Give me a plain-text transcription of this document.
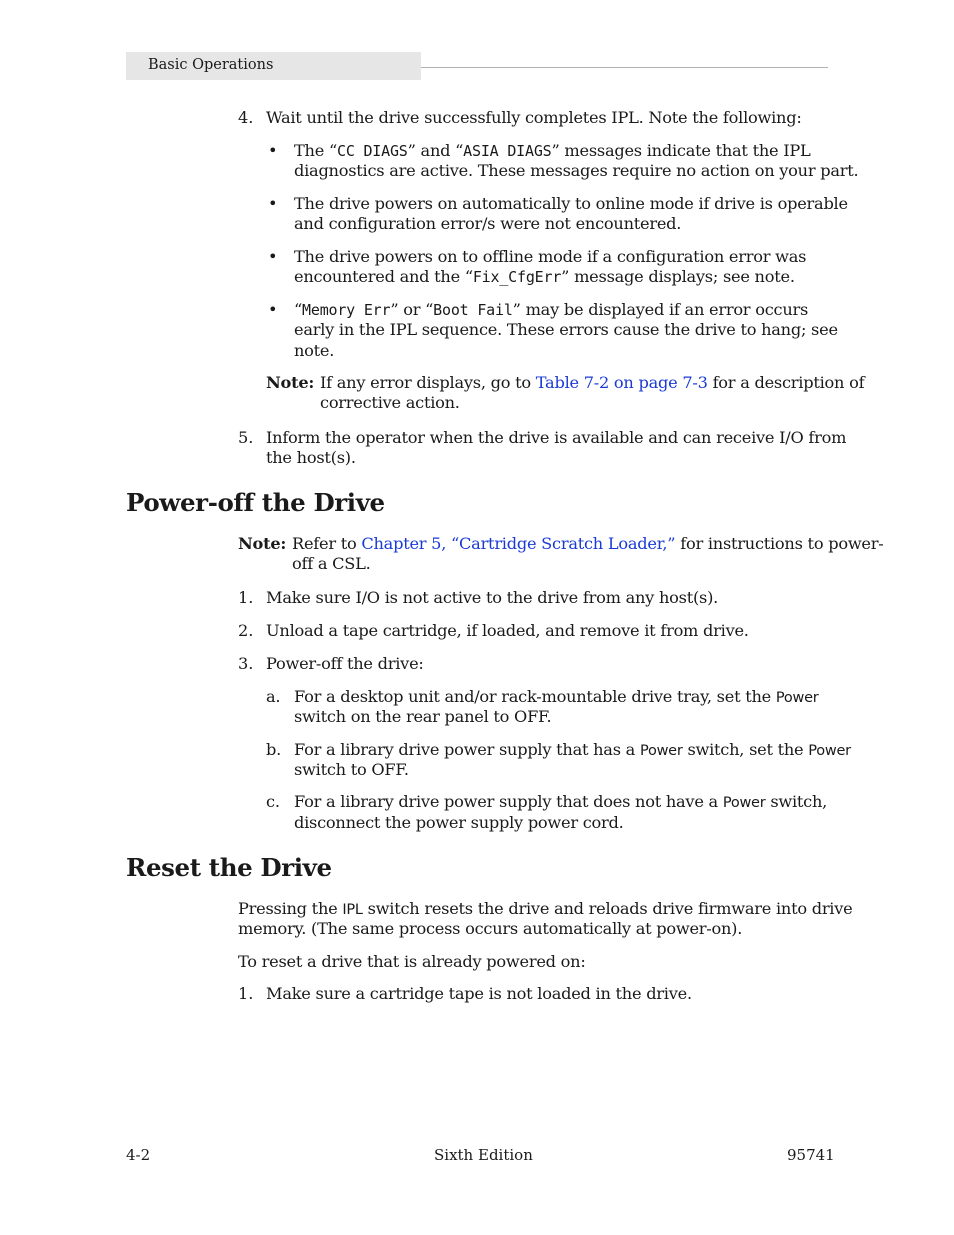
Basic Operations
4. Wait until the drive successfully completes IPL. Note the following:
• The “CC DIAGS” and “ASIA DIAGS” messages indicate that the IPL
diagnostics are active. These messages require no action on your part.
• The drive powers on automatically to online mode if drive is operable
and configuration error/s were not encountered.
• The drive powers on to offline mode if a configuration error was
encountered and the “Fix_CfgErr” message displays; see note.
• “Memory Err” or “Boot Fail” may be displayed if an error occurs
early in the IPL sequence. These errors cause the drive to hang; see
note.
Note: If any error displays, go to Table 7-2 on page 7-3 for a description of
corrective action.
5. Inform the operator when the drive is available and can receive I/O from
the host(s).
Power-off the Drive
Note: Refer to Chapter 5, “Cartridge Scratch Loader,” for instructions to power-
off a CSL.
1. Make sure I/O is not active to the drive from any host(s).
2. Unload a tape cartridge, if loaded, and remove it from drive.
3. Power-off the drive:
a. For a desktop unit and/or rack-mountable drive tray, set the Power
switch on the rear panel to OFF.
b. For a library drive power supply that has a Power switch, set the Power
switch to OFF.
c. For a library drive power supply that does not have a Power switch,
disconnect the power supply power cord.
Reset the Drive
Pressing the IPL switch resets the drive and reloads drive firmware into drive
memory. (The same process occurs automatically at power-on).
To reset a drive that is already powered on:
1. Make sure a cartridge tape is not loaded in the drive.
4-2	Sixth Edition	95741
